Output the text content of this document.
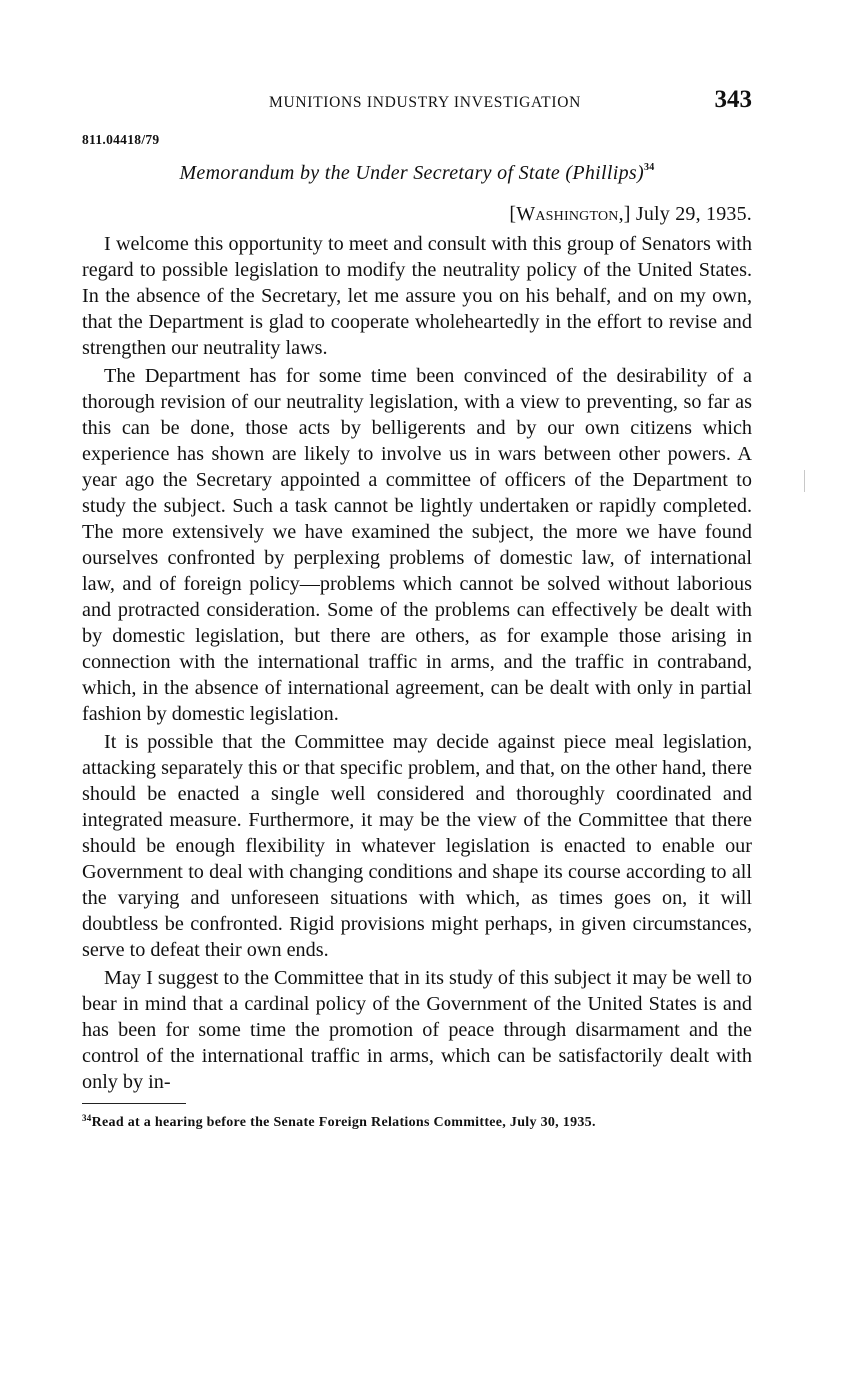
MUNITIONS INDUSTRY INVESTIGATION	343
811.04418/79
Memorandum by the Under Secretary of State (Phillips)$^{34}$
[Washington,] July 29, 1935.

I welcome this opportunity to meet and consult with this group of Senators with regard to possible legislation to modify the neutrality policy of the United States. In the absence of the Secretary, let me assure you on his behalf, and on my own, that the Department is glad to cooperate wholeheartedly in the effort to revise and strengthen our neutrality laws.

The Department has for some time been convinced of the desirability of a thorough revision of our neutrality legislation, with a view to preventing, so far as this can be done, those acts by belligerents and by our own citizens which experience has shown are likely to involve us in wars between other powers. A year ago the Secretary appointed a committee of officers of the Department to study the subject. Such a task cannot be lightly undertaken or rapidly completed. The more extensively we have examined the subject, the more we have found ourselves confronted by perplexing problems of domestic law, of international law, and of foreign policy—problems which cannot be solved without laborious and protracted consideration. Some of the problems can effectively be dealt with by domestic legislation, but there are others, as for example those arising in connection with the international traffic in arms, and the traffic in contraband, which, in the absence of international agreement, can be dealt with only in partial fashion by domestic legislation.

It is possible that the Committee may decide against piece meal legislation, attacking separately this or that specific problem, and that, on the other hand, there should be enacted a single well considered and thoroughly coordinated and integrated measure. Furthermore, it may be the view of the Committee that there should be enough flexibility in whatever legislation is enacted to enable our Government to deal with changing conditions and shape its course according to all the varying and unforeseen situations with which, as times goes on, it will doubtless be confronted. Rigid provisions might perhaps, in given circumstances, serve to defeat their own ends.

May I suggest to the Committee that in its study of this subject it may be well to bear in mind that a cardinal policy of the Government of the United States is and has been for some time the promotion of peace through disarmament and the control of the international traffic in arms, which can be satisfactorily dealt with only by in-

$^{34}$Read at a hearing before the Senate Foreign Relations Committee, July 30, 1935.
